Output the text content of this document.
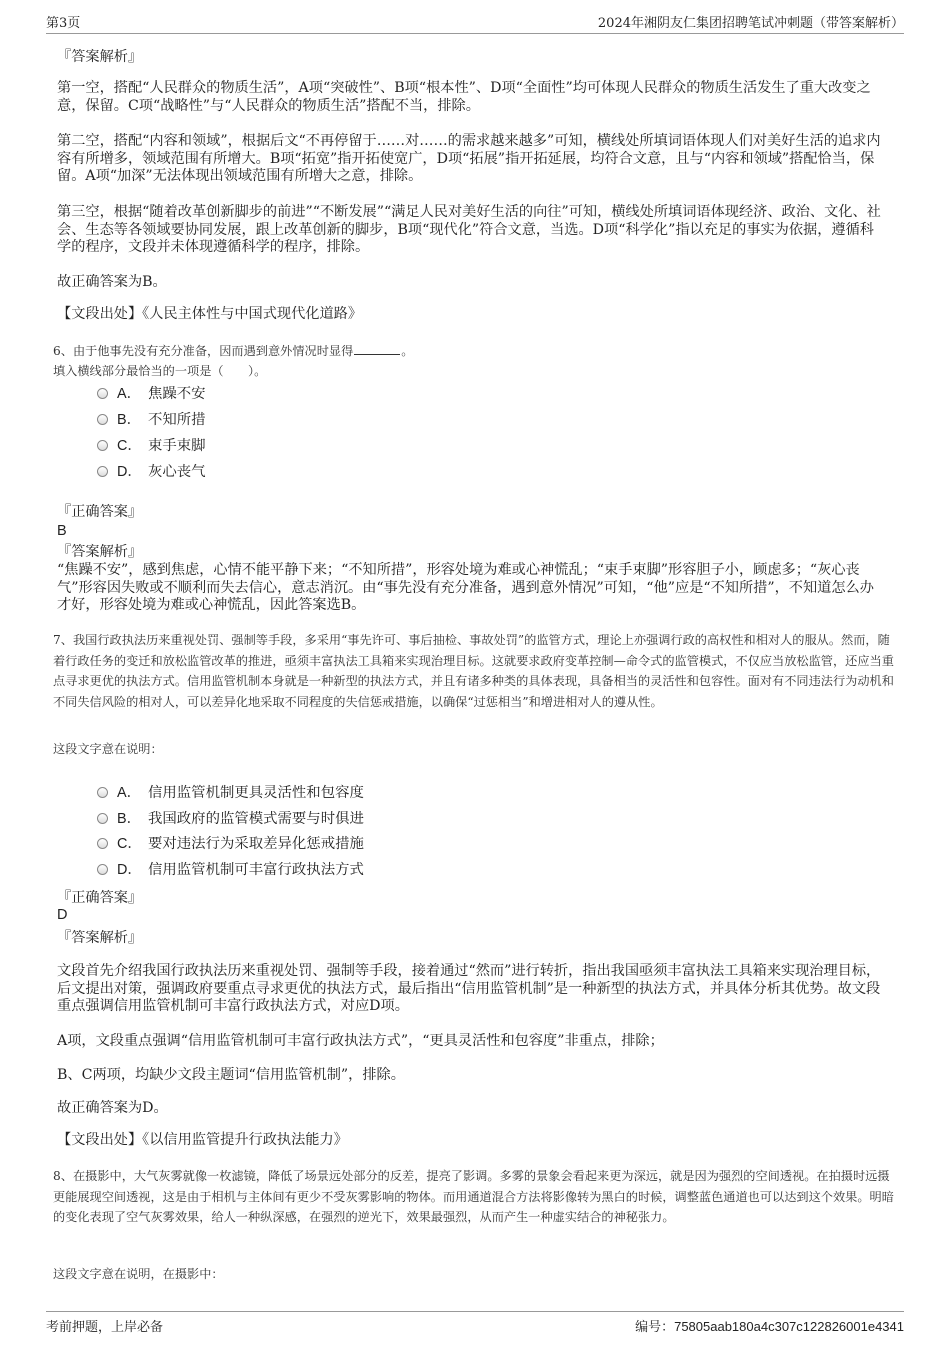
第3页	2024年湘阴友仁集团招聘笔试冲刺题（带答案解析）
『答案解析』
第一空，搭配“人民群众的物质生活”，A项“突破性”、B项“根本性”、D项“全面性”均可体现人民群众的物质生活发生了重大改变之意，保留。C项“战略性”与“人民群众的物质生活”搭配不当，排除。
第二空，搭配“内容和领域”，根据后文“不再停留于……对……的需求越来越多”可知，横线处所填词语体现人们对美好生活的追求内容有所增多，领域范围有所增大。B项“拓宽”指开拓使宽广，D项“拓展”指开拓延展，均符合文意，且与“内容和领域”搭配恰当，保留。A项“加深”无法体现出领域范围有所增大之意，排除。
第三空，根据“随着改革创新脚步的前进”“不断发展”“满足人民对美好生活的向往”可知，横线处所填词语体现经济、政治、文化、社会、生态等各领域要协同发展，跟上改革创新的脚步，B项“现代化”符合文意，当选。D项“科学化”指以充足的事实为依据，遵循科学的程序，文段并未体现遵循科学的程序，排除。
故正确答案为B。
【文段出处】《人民主体性与中国式现代化道路》
6、由于他事先没有充分准备，因而遇到意外情况时显得	。
填入横线部分最恰当的一项是（　　）。
A． 焦躁不安
B． 不知所措
C． 束手束脚
D． 灰心丧气
『正确答案』
B
『答案解析』
“焦躁不安”，感到焦虑，心情不能平静下来；“不知所措”，形容处境为难或心神慌乱；“束手束脚”形容胆子小，顾虑多；“灰心丧气”形容因失败或不顺利而失去信心，意志消沉。由“事先没有充分准备，遇到意外情况”可知，“他”应是“不知所措”，不知道怎么办才好，形容处境为难或心神慌乱，因此答案选B。
7、我国行政执法历来重视处罚、强制等手段，多采用“事先许可、事后抽检、事故处罚”的监管方式，理论上亦强调行政的高权性和相对人的服从。然而，随着行政任务的变迁和放松监管改革的推进，亟须丰富执法工具箱来实现治理目标。这就要求政府变革控制—命令式的监管模式，不仅应当放松监管，还应当重点寻求更优的执法方式。信用监管机制本身就是一种新型的执法方式，并且有诸多种类的具体表现，具备相当的灵活性和包容性。面对有不同违法行为动机和不同失信风险的相对人，可以差异化地采取不同程度的失信惩戒措施，以确保“过惩相当”和增进相对人的遵从性。
这段文字意在说明：
A． 信用监管机制更具灵活性和包容度
B． 我国政府的监管模式需要与时俱进
C． 要对违法行为采取差异化惩戒措施
D． 信用监管机制可丰富行政执法方式
『正确答案』
D
『答案解析』
文段首先介绍我国行政执法历来重视处罚、强制等手段，接着通过“然而”进行转折，指出我国亟须丰富执法工具箱来实现治理目标，后文提出对策，强调政府要重点寻求更优的执法方式，最后指出“信用监管机制”是一种新型的执法方式，并具体分析其优势。故文段重点强调信用监管机制可丰富行政执法方式，对应D项。
A项，文段重点强调“信用监管机制可丰富行政执法方式”，“更具灵活性和包容度”非重点，排除；
B、C两项，均缺少文段主题词“信用监管机制”，排除。
故正确答案为D。
【文段出处】《以信用监管提升行政执法能力》
8、在摄影中，大气灰雾就像一枚滤镜，降低了场景远处部分的反差，提亮了影调。多雾的景象会看起来更为深远，就是因为强烈的空间透视。在拍摄时远摄更能展现空间透视，这是由于相机与主体间有更少不受灰雾影响的物体。而用通道混合方法将影像转为黑白的时候，调整蓝色通道也可以达到这个效果。明暗的变化表现了空气灰雾效果，给人一种纵深感，在强烈的逆光下，效果最强烈，从而产生一种虚实结合的神秘张力。
这段文字意在说明，在摄影中：
考前押题，上岸必备	编号：75805aab180a4c307c122826001e4341
